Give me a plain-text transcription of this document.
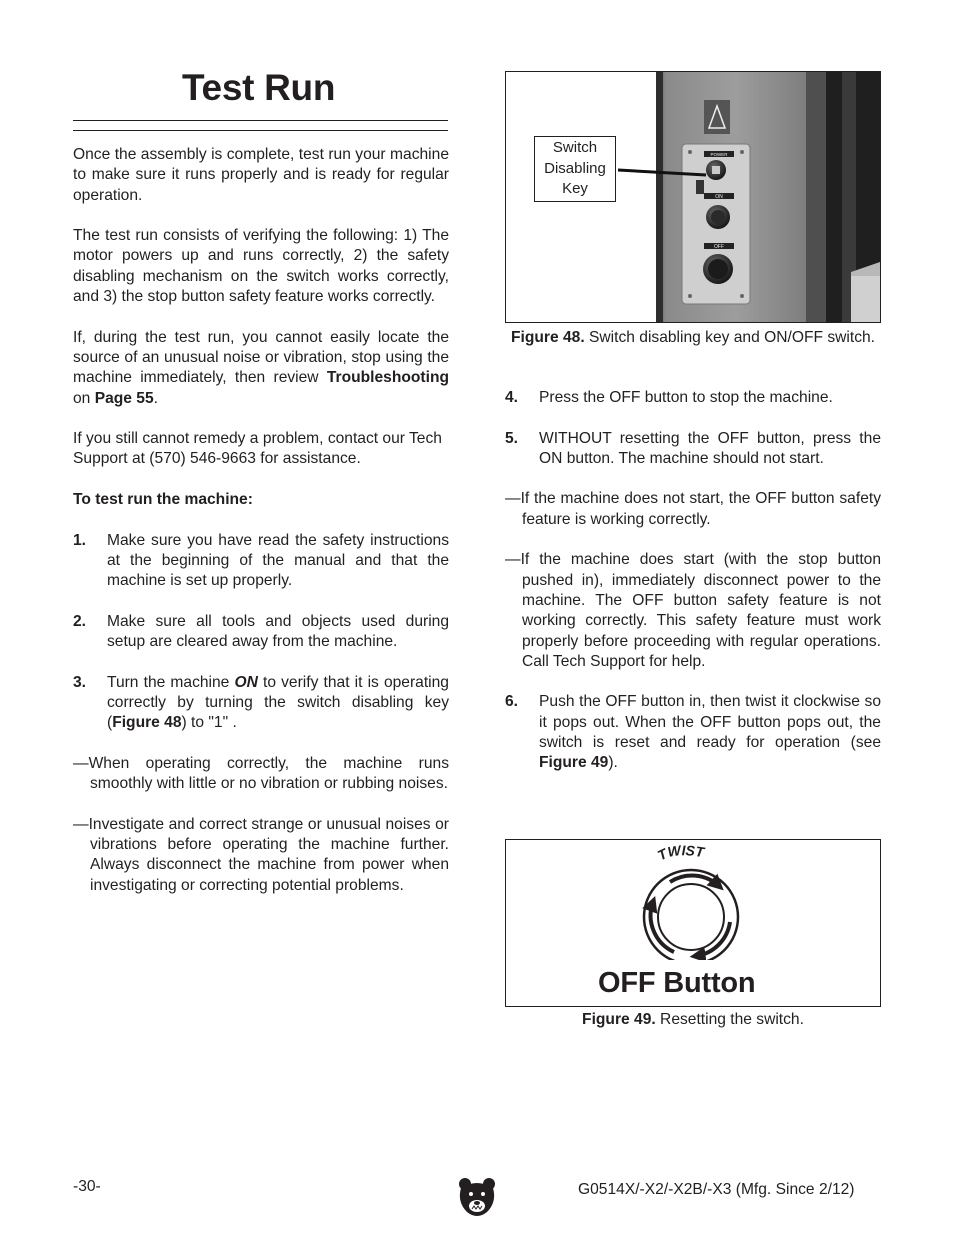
Test Run

Once the assembly is complete, test run your machine to make sure it runs properly and is ready for regular operation.

The test run consists of verifying the following: 1) The motor powers up and runs correctly, 2) the safety disabling mechanism on the switch works correctly, and 3) the stop button safety feature works correctly.

If, during the test run, you cannot easily locate the source of an unusual noise or vibration, stop using the machine immediately, then review Troubleshooting on Page 55.

If you still cannot remedy a problem, contact our Tech Support at (570) 546-9663 for assistance.

To test run the machine:

1. Make sure you have read the safety instructions at the beginning of the manual and that the machine is set up properly.
2. Make sure all tools and objects used during setup are cleared away from the machine.
3. Turn the machine ON to verify that it is operating correctly by turning the switch disabling key (Figure 48) to "1" .

—When operating correctly, the machine runs smoothly with little or no vibration or rubbing noises.

—Investigate and correct strange or unusual noises or vibrations before operating the machine further. Always disconnect the machine from power when investigating or correcting potential problems.

POWER
ON
OFF
Switch
Disabling
Key
Figure 48. Switch disabling key and ON/OFF switch.
4. Press the OFF button to stop the machine.
5. WITHOUT resetting the OFF button, press the ON button. The machine should not start.

—If the machine does not start, the OFF button safety feature is working correctly.

—If the machine does start (with the stop button pushed in), immediately disconnect power to the machine. The OFF button safety feature is not working correctly. This safety feature must work properly before proceeding with regular operations. Call Tech Support for help.

6. Push the OFF button in, then twist it clockwise so it pops out. When the OFF button pops out, the switch is reset and ready for operation (see Figure 49).
TWIST
OFF Button
Figure 49. Resetting the switch.
-30-	G0514X/-X2/-X2B/-X3 (Mfg. Since 2/12)
